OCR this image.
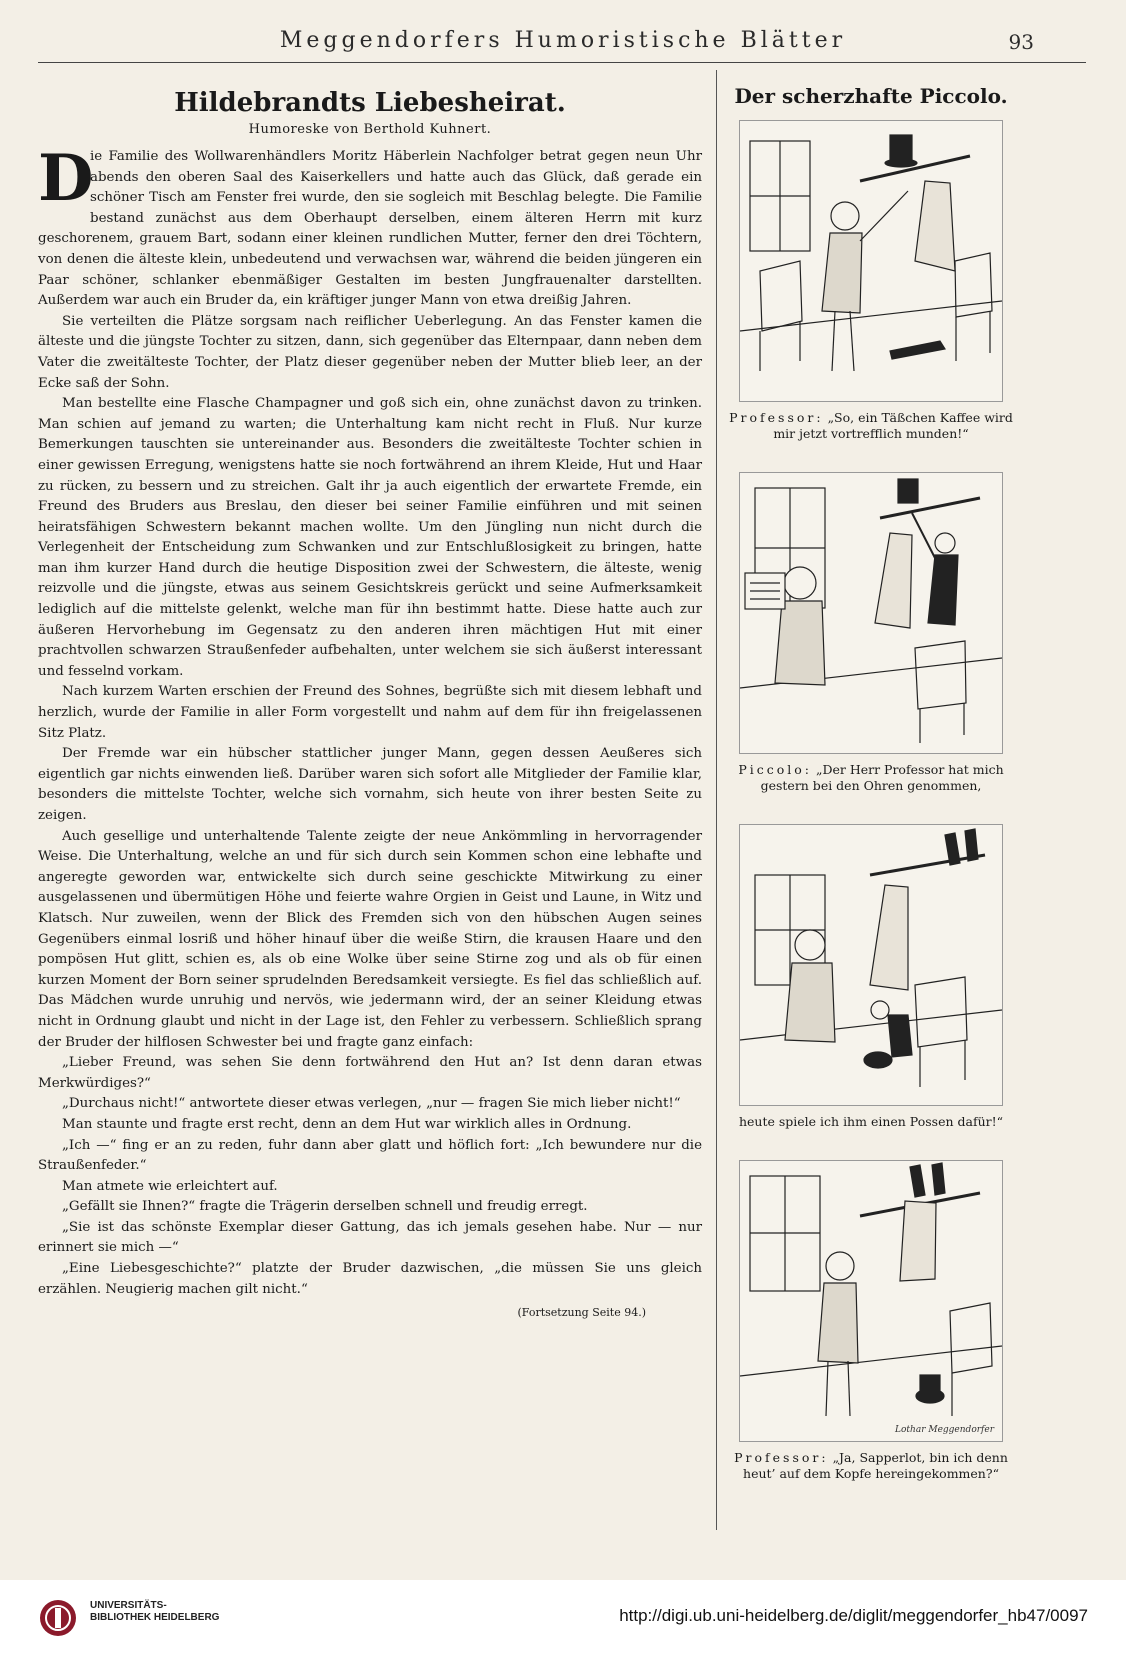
Meggendorfers Humoristische Blätter	93
Hildebrandts Liebesheirat.
Humoreske von Berthold Kuhnert.

D
ie Familie des Wollwarenhändlers Moritz Häberlein Nachfolger betrat gegen neun Uhr abends den oberen Saal des Kaiserkellers und hatte auch das Glück, daß gerade ein schöner Tisch am Fenster frei wurde, den sie sogleich mit Beschlag belegte. Die Familie bestand zunächst aus dem Oberhaupt derselben, einem älteren Herrn mit kurz geschorenem, grauem Bart, sodann einer kleinen rundlichen Mutter, ferner den drei Töchtern, von denen die älteste klein, unbedeutend und verwachsen war, während die beiden jüngeren ein Paar schöner, schlanker ebenmäßiger Gestalten im besten Jungfrauenalter darstellten. Außerdem war auch ein Bruder da, ein kräftiger junger Mann von etwa dreißig Jahren.

Sie verteilten die Plätze sorgsam nach reiflicher Ueberlegung. An das Fenster kamen die älteste und die jüngste Tochter zu sitzen, dann, sich gegenüber das Elternpaar, dann neben dem Vater die zweitälteste Tochter, der Platz dieser gegenüber neben der Mutter blieb leer, an der Ecke saß der Sohn.

Man bestellte eine Flasche Champagner und goß sich ein, ohne zunächst davon zu trinken. Man schien auf jemand zu warten; die Unterhaltung kam nicht recht in Fluß. Nur kurze Bemerkungen tauschten sie untereinander aus. Besonders die zweitälteste Tochter schien in einer gewissen Erregung, wenigstens hatte sie noch fortwährend an ihrem Kleide, Hut und Haar zu rücken, zu bessern und zu streichen. Galt ihr ja auch eigentlich der erwartete Fremde, ein Freund des Bruders aus Breslau, den dieser bei seiner Familie einführen und mit seinen heiratsfähigen Schwestern bekannt machen wollte. Um den Jüngling nun nicht durch die Verlegenheit der Entscheidung zum Schwanken und zur Entschlußlosigkeit zu bringen, hatte man ihm kurzer Hand durch die heutige Disposition zwei der Schwestern, die älteste, wenig reizvolle und die jüngste, etwas aus seinem Gesichtskreis gerückt und seine Aufmerksamkeit lediglich auf die mittelste gelenkt, welche man für ihn bestimmt hatte. Diese hatte auch zur äußeren Hervorhebung im Gegensatz zu den anderen ihren mächtigen Hut mit einer prachtvollen schwarzen Straußenfeder aufbehalten, unter welchem sie sich äußerst interessant und fesselnd vorkam.

Nach kurzem Warten erschien der Freund des Sohnes, begrüßte sich mit diesem lebhaft und herzlich, wurde der Familie in aller Form vorgestellt und nahm auf dem für ihn freigelassenen Sitz Platz.

Der Fremde war ein hübscher stattlicher junger Mann, gegen dessen Aeußeres sich eigentlich gar nichts einwenden ließ. Darüber waren sich sofort alle Mitglieder der Familie klar, besonders die mittelste Tochter, welche sich vornahm, sich heute von ihrer besten Seite zu zeigen.

Auch gesellige und unterhaltende Talente zeigte der neue Ankömmling in hervorragender Weise. Die Unterhaltung, welche an und für sich durch sein Kommen schon eine lebhafte und angeregte geworden war, entwickelte sich durch seine geschickte Mitwirkung zu einer ausgelassenen und übermütigen Höhe und feierte wahre Orgien in Geist und Laune, in Witz und Klatsch. Nur zuweilen, wenn der Blick des Fremden sich von den hübschen Augen seines Gegenübers einmal losriß und höher hinauf über die weiße Stirn, die krausen Haare und den pompösen Hut glitt, schien es, als ob eine Wolke über seine Stirne zog und als ob für einen kurzen Moment der Born seiner sprudelnden Beredsamkeit versiegte. Es fiel das schließlich auf. Das Mädchen wurde unruhig und nervös, wie jedermann wird, der an seiner Kleidung etwas nicht in Ordnung glaubt und nicht in der Lage ist, den Fehler zu verbessern. Schließlich sprang der Bruder der hilflosen Schwester bei und fragte ganz einfach:

„Lieber Freund, was sehen Sie denn fortwährend den Hut an? Ist denn daran etwas Merkwürdiges?“

„Durchaus nicht!“ antwortete dieser etwas verlegen, „nur — fragen Sie mich lieber nicht!“

Man staunte und fragte erst recht, denn an dem Hut war wirklich alles in Ordnung.

„Ich —“ fing er an zu reden, fuhr dann aber glatt und höflich fort: „Ich bewundere nur die Straußenfeder.“

Man atmete wie erleichtert auf.

„Gefällt sie Ihnen?“ fragte die Trägerin derselben schnell und freudig erregt.

„Sie ist das schönste Exemplar dieser Gattung, das ich jemals gesehen habe. Nur — nur erinnert sie mich —“

„Eine Liebesgeschichte?“ platzte der Bruder dazwischen, „die müssen Sie uns gleich erzählen. Neugierig machen gilt nicht.“

(Fortsetzung Seite 94.)
Der scherzhafte Piccolo.
Professor: „So, ein Täßchen Kaffee wird mir jetzt vortrefflich munden!“
Piccolo: „Der Herr Professor hat mich gestern bei den Ohren genommen,
heute spiele ich ihm einen Possen dafür!“
Lothar Meggendorfer
Professor: „Ja, Sapperlot, bin ich denn heut’ auf dem Kopfe hereingekommen?“
UNIVERSITÄTS- BIBLIOTHEK HEIDELBERG	http://digi.ub.uni-heidelberg.de/diglit/meggendorfer_hb47/0097
